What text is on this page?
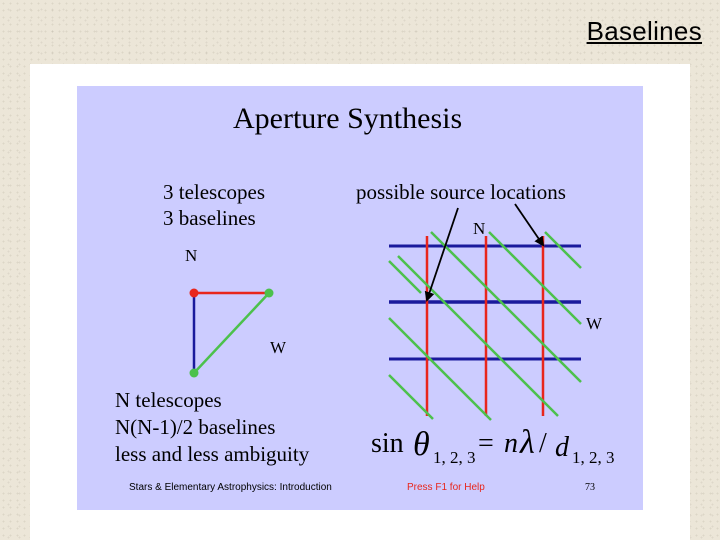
Baselines
Aperture Synthesis
3 telescopes
3 baselines
N
W
possible source locations
N
W
N telescopes
N(N-1)/2 baselines
less and less ambiguity sin θ 1, 2, 3 = n λ / d 1, 2, 3
Stars & Elementary Astrophysics: Introduction	Press F1 for Help	73
